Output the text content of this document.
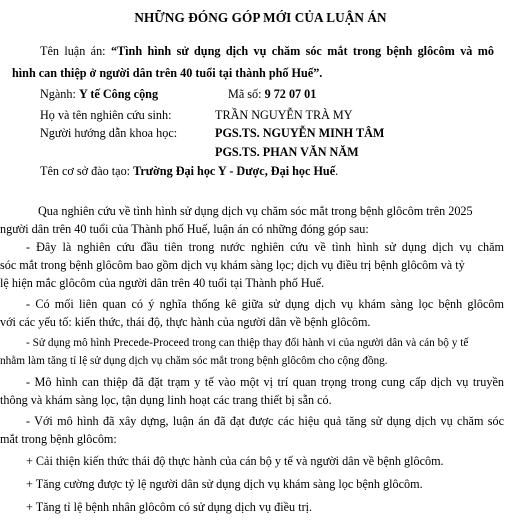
NHỮNG ĐÓNG GÓP MỚI CỦA LUẬN ÁN
Tên luận án: “Tình hình sử dụng dịch vụ chăm sóc mắt trong bệnh glôcôm và mô
hình can thiệp ở người dân trên 40 tuổi tại thành phố Huế”.
Ngành: Y tế Công cộng	Mã số: 9 72 07 01
Họ và tên nghiên cứu sinh:	TRẦN NGUYỄN TRÀ MY
Người hướng dẫn khoa học:	PGS.TS. NGUYỄN MINH TÂM
PGS.TS. PHAN VĂN NĂM
Tên cơ sở đào tạo: Trường Đại học Y - Dược, Đại học Huế.
Qua nghiên cứu về tình hình sử dụng dịch vụ chăm sóc mắt trong bệnh glôcôm trên 2025
người dân trên 40 tuổi của Thành phố Huế, luận án có những đóng góp sau:
- Đây là nghiên cứu đầu tiên trong nước nghiên cứu về tình hình sử dụng dịch vụ chăm
sóc mắt trong bệnh glôcôm bao gồm dịch vụ khám sàng lọc; dịch vụ điều trị bệnh glôcôm và tỷ
lệ hiện mắc glôcôm của người dân trên 40 tuổi tại Thành phố Huế.
- Có mối liên quan có ý nghĩa thống kê giữa sử dụng dịch vụ khám sàng lọc bệnh glôcôm
với các yếu tố: kiến thức, thái độ, thực hành của người dân về bệnh glôcôm.
- Sử dụng mô hình Precede-Proceed trong can thiệp thay đổi hành vi của người dân và cán bộ y tế
nhằm làm tăng tỉ lệ sử dụng dịch vụ chăm sóc mắt trong bệnh glôcôm cho cộng đồng.
- Mô hình can thiệp đã đặt trạm y tế vào một vị trí quan trọng trong cung cấp dịch vụ truyền
thông và khám sàng lọc, tận dụng linh hoạt các trang thiết bị sẵn có.
- Với mô hình đã xây dựng, luận án đã đạt được các hiệu quả tăng sử dụng dịch vụ chăm sóc
mắt trong bệnh glôcôm:
+ Cải thiện kiến thức thái độ thực hành của cán bộ y tế và người dân về bệnh glôcôm.
+ Tăng cường được tỷ lệ người dân sử dụng dịch vụ khám sàng lọc bệnh glôcôm.
+ Tăng tỉ lệ bệnh nhân glôcôm có sử dụng dịch vụ điều trị.
